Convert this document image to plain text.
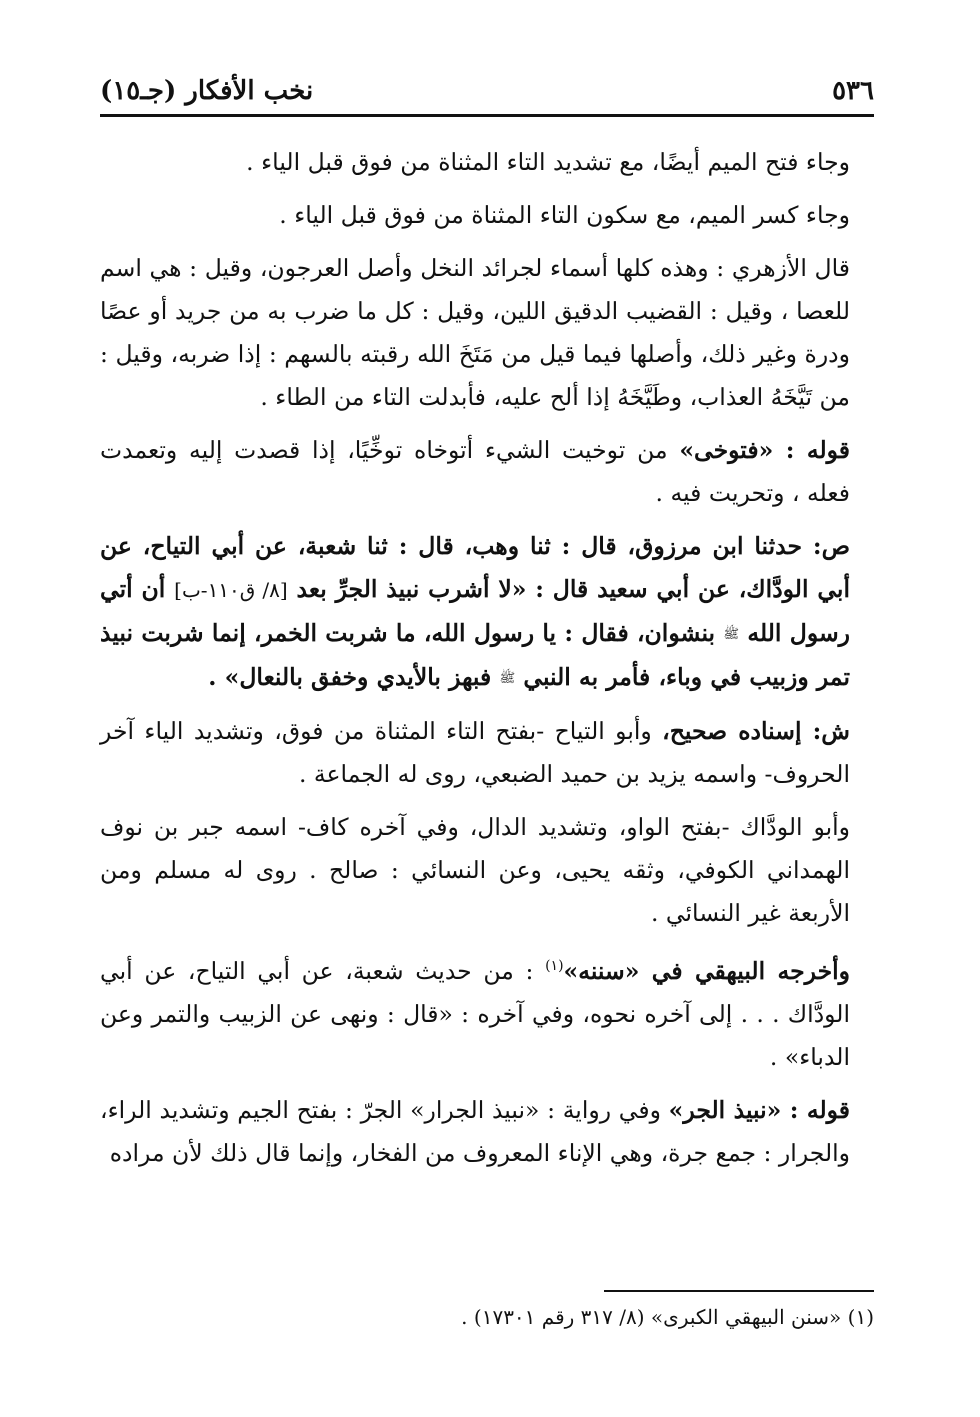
٥٣٦
نخب الأفكار (جـ١٥)

وجاء فتح الميم أيضًا، مع تشديد التاء المثناة من فوق قبل الياء .

وجاء كسر الميم، مع سكون التاء المثناة من فوق قبل الياء .

قال الأزهري : وهذه كلها أسماء لجرائد النخل وأصل العرجون، وقيل : هي اسم للعصا ، وقيل : القضيب الدقيق اللين، وقيل : كل ما ضرب به من جريد أو عصًا ودرة وغير ذلك، وأصلها فيما قيل من مَتَخَ الله رقبته بالسهم : إذا ضربه، وقيل : من تَيَّخَهُ العذاب، وطَيَّخَهُ إذا ألح عليه، فأبدلت التاء من الطاء .

قوله : «فتوخى» من توخيت الشيء أتوخاه توخِّيًا، إذا قصدت إليه وتعمدت فعله ، وتحريت فيه .

ص: حدثنا ابن مرزوق، قال : ثنا وهب، قال : ثنا شعبة، عن أبي التياح، عن أبي الودَّاك، عن أبي سعيد قال : «لا أشرب نبيذ الجرِّ بعد [٨/ ق١١٠-ب] أن أتي رسول الله ﷺ بنشوان، فقال : يا رسول الله، ما شربت الخمر، إنما شربت نبيذ تمر وزبيب في وباء، فأمر به النبي ﷺ فبهز بالأيدي وخفق بالنعال» .

ش: إسناده صحيح، وأبو التياح -بفتح التاء المثناة من فوق، وتشديد الياء آخر الحروف- واسمه يزيد بن حميد الضبعي، روى له الجماعة .

وأبو الودَّاك -بفتح الواو، وتشديد الدال، وفي آخره كاف- اسمه جبر بن نوف الهمداني الكوفي، وثقه يحيى، وعن النسائي : صالح . روى له مسلم ومن الأربعة غير النسائي .

وأخرجه البيهقي في «سننه»$^{(١)}$ : من حديث شعبة، عن أبي التياح، عن أبي الودَّاك . . . إلى آخره نحوه، وفي آخره : «قال : ونهى عن الزبيب والتمر وعن الدباء» .

قوله : «نبيذ الجر» وفي رواية : «نبيذ الجرار» الجرّ : بفتح الجيم وتشديد الراء، والجرار : جمع جرة، وهي الإناء المعروف من الفخار، وإنما قال ذلك لأن مراده

(١) «سنن البيهقي الكبرى» (٨/ ٣١٧ رقم ١٧٣٠١) .
